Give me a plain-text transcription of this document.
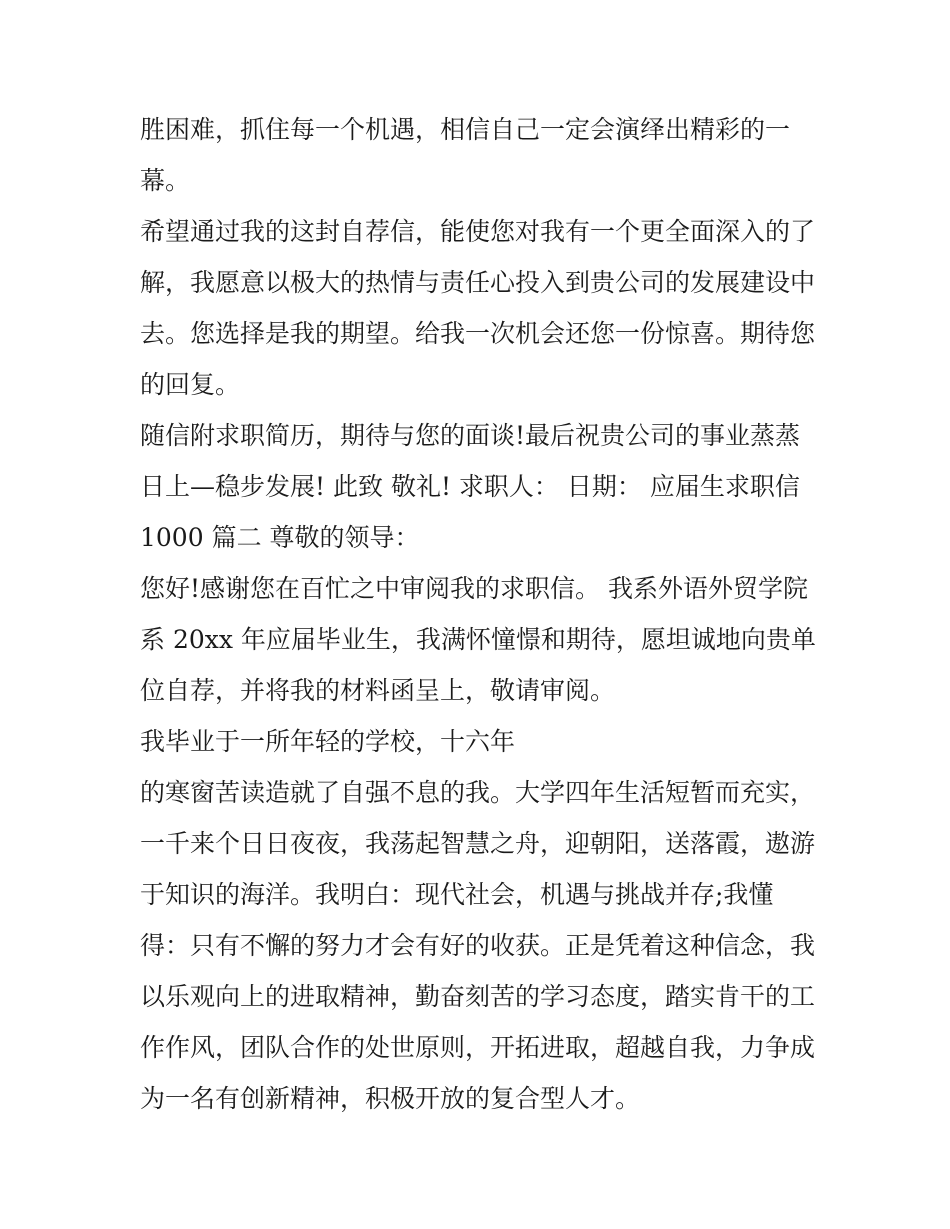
胜困难，抓住每一个机遇，相信自己一定会演绎出精彩的一
幕。
希望通过我的这封自荐信，能使您对我有一个更全面深入的了
解，我愿意以极大的热情与责任心投入到贵公司的发展建设中
去。您选择是我的期望。给我一次机会还您一份惊喜。期待您
的回复。
随信附求职简历，期待与您的面谈!最后祝贵公司的事业蒸蒸
日上—稳步发展! 此致 敬礼! 求职人： 日期： 应届生求职信
1000 篇二 尊敬的领导：
您好!感谢您在百忙之中审阅我的求职信。 我系外语外贸学院
系 20xx 年应届毕业生，我满怀憧憬和期待，愿坦诚地向贵单
位自荐，并将我的材料函呈上，敬请审阅。
我毕业于一所年轻的学校，十六年
的寒窗苦读造就了自强不息的我。大学四年生活短暂而充实，
一千来个日日夜夜，我荡起智慧之舟，迎朝阳，送落霞，遨游
于知识的海洋。我明白：现代社会，机遇与挑战并存;我懂
得：只有不懈的努力才会有好的收获。正是凭着这种信念，我
以乐观向上的进取精神，勤奋刻苦的学习态度，踏实肯干的工
作作风，团队合作的处世原则，开拓进取，超越自我，力争成
为一名有创新精神，积极开放的复合型人才。
